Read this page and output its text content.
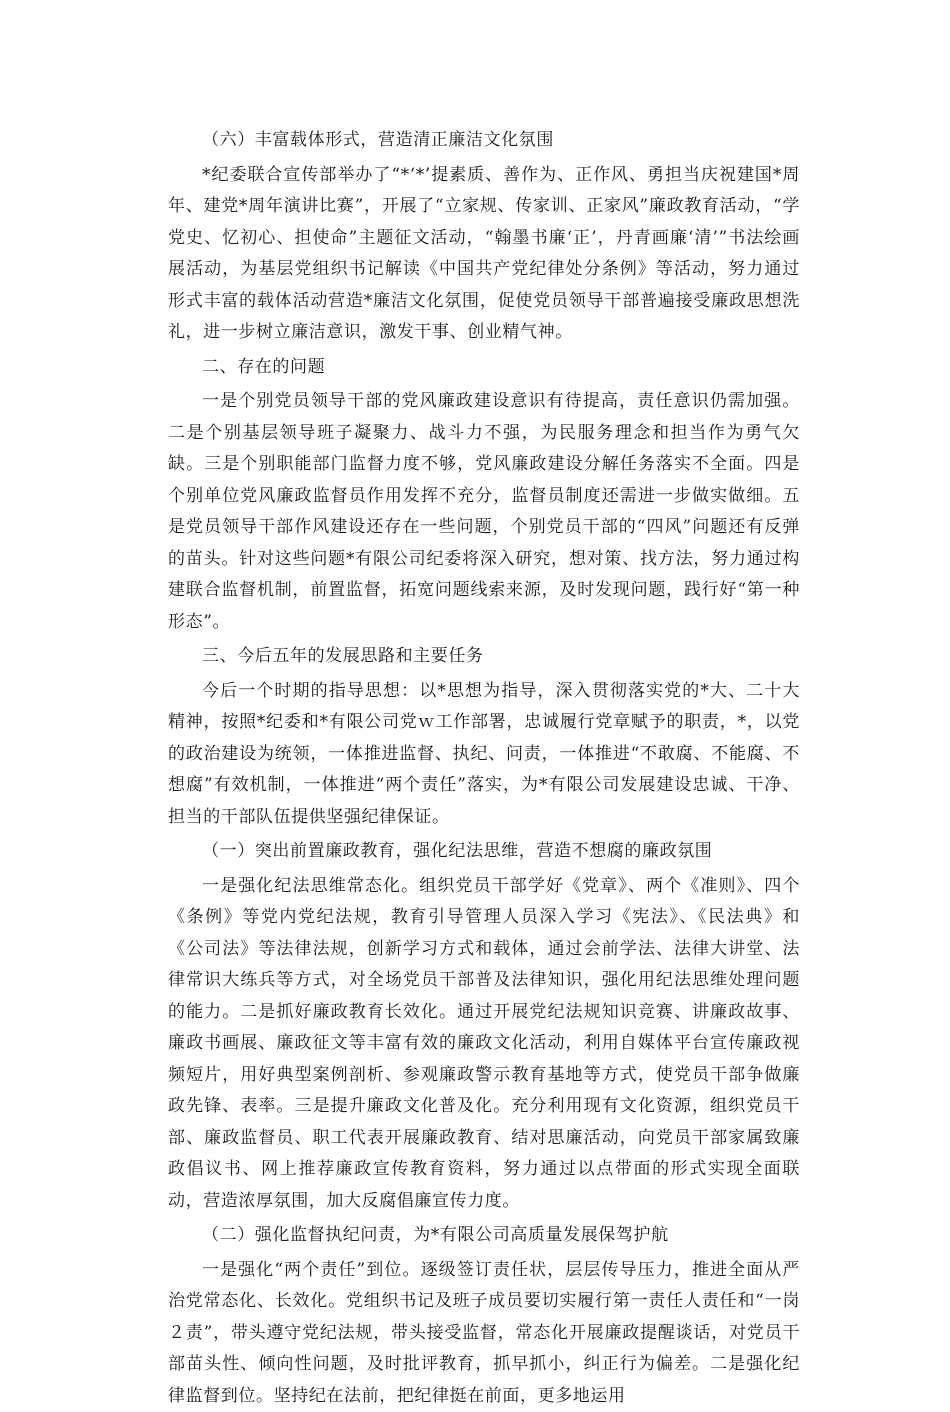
（六）丰富载体形式，营造清正廉洁文化氛围

*纪委联合宣传部举办了“*‘*’提素质、善作为、正作风、勇担当庆祝建国*周年、建党*周年演讲比赛”，开展了“立家规、传家训、正家风”廉政教育活动，“学党史、忆初心、担使命”主题征文活动，“翰墨书廉‘正’，丹青画廉‘清’”书法绘画展活动，为基层党组织书记解读《中国共产党纪律处分条例》等活动，努力通过形式丰富的载体活动营造*廉洁文化氛围，促使党员领导干部普遍接受廉政思想洗礼，进一步树立廉洁意识，激发干事、创业精气神。

二、存在的问题

一是个别党员领导干部的党风廉政建设意识有待提高，责任意识仍需加强。二是个别基层领导班子凝聚力、战斗力不强，为民服务理念和担当作为勇气欠缺。三是个别职能部门监督力度不够，党风廉政建设分解任务落实不全面。四是个别单位党风廉政监督员作用发挥不充分，监督员制度还需进一步做实做细。五是党员领导干部作风建设还存在一些问题，个别党员干部的“四风”问题还有反弹的苗头。针对这些问题*有限公司纪委将深入研究，想对策、找方法，努力通过构建联合监督机制，前置监督，拓宽问题线索来源，及时发现问题，践行好“第一种形态”。

三、今后五年的发展思路和主要任务

今后一个时期的指导思想：以*思想为指导，深入贯彻落实党的*大、二十大精神，按照*纪委和*有限公司党ｗ工作部署，忠诚履行党章赋予的职责，*，以党的政治建设为统领，一体推进监督、执纪、问责，一体推进“不敢腐、不能腐、不想腐”有效机制，一体推进“两个责任”落实，为*有限公司发展建设忠诚、干净、担当的干部队伍提供坚强纪律保证。

（一）突出前置廉政教育，强化纪法思维，营造不想腐的廉政氛围

一是强化纪法思维常态化。组织党员干部学好《党章》、两个《准则》、四个《条例》等党内党纪法规，教育引导管理人员深入学习《宪法》、《民法典》和《公司法》等法律法规，创新学习方式和载体，通过会前学法、法律大讲堂、法律常识大练兵等方式，对全场党员干部普及法律知识，强化用纪法思维处理问题的能力。二是抓好廉政教育长效化。通过开展党纪法规知识竞赛、讲廉政故事、廉政书画展、廉政征文等丰富有效的廉政文化活动，利用自媒体平台宣传廉政视频短片，用好典型案例剖析、参观廉政警示教育基地等方式，使党员干部争做廉政先锋、表率。三是提升廉政文化普及化。充分利用现有文化资源，组织党员干部、廉政监督员、职工代表开展廉政教育、结对思廉活动，向党员干部家属致廉政倡议书、网上推荐廉政宣传教育资料，努力通过以点带面的形式实现全面联动，营造浓厚氛围，加大反腐倡廉宣传力度。

（二）强化监督执纪问责，为*有限公司高质量发展保驾护航

一是强化“两个责任”到位。逐级签订责任状，层层传导压力，推进全面从严治党常态化、长效化。党组织书记及班子成员要切实履行第一责任人责任和“一岗２责”，带头遵守党纪法规，带头接受监督，常态化开展廉政提醒谈话，对党员干部苗头性、倾向性问题，及时批评教育，抓早抓小，纠正行为偏差。二是强化纪律监督到位。坚持纪在法前，把纪律挺在前面，更多地运用
